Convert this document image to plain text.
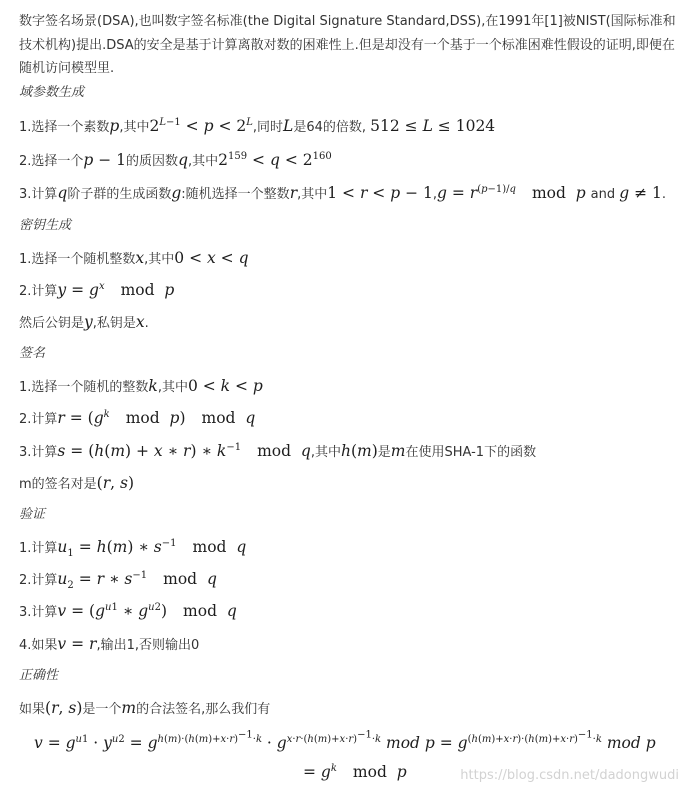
数字签名场景(DSA),也叫数字签名标准(the Digital Signature Standard,DSS),在1991年[1]被NIST(国际标准和技术机构)提出.DSA的安全是基于计算离散对数的困难性上.但是却没有一个基于一个标准困难性假设的证明,即便在随机访问模型里.
域参数生成
1.选择一个素数p,其中$2^{L-1} < p < 2^L$,同时L是64的倍数, 512 ≤ L ≤ 1024
2.选择一个p − 1的质因数q,其中$2^{159} < q < 2^{160}$
3.计算q阶子群的生成函数g:随机选择一个整数r,其中$1 < r < p - 1,g = r^{(p-1)/q}$ mod p and g ≠ 1.
密钥生成
1.选择一个随机整数x,其中0 < x < q
2.计算$y = g^x$ mod p
然后公钥是y,私钥是x.
签名
1.选择一个随机的整数k,其中0 < k < p
2.计算$r = (g^k$ mod p) mod q
3.计算s = (h(m) + x ∗ r) ∗ $k^{-1}$ mod q,其中h(m)是m在使用SHA-1下的函数
m的签名对是(r, s)
验证
1.计算$u_1 = h(m)$ ∗ $s^{-1}$ mod q
2.计算$u_2 = r$ ∗ $s^{-1}$ mod q
3.计算$v = (g^{u1}$ ∗ $g^{u2}$) mod q
4.如果v = r,输出1,否则输出0
正确性
如果(r, s)是一个m的合法签名,那么我们有
$v = g^{u1} \cdot y^{u2} = g^{h(m)\cdot(h(m)+x\cdot r)^{-1}\cdot k} \cdot g^{x\cdot r\cdot(h(m)+x\cdot r)^{-1}\cdot k}$ mod $p = g^{(h(m)+x\cdot r)\cdot(h(m)+x\cdot r)^{-1}\cdot k}$ mod p
= $g^k$ mod p	https://blog.csdn.net/dadongwudi
